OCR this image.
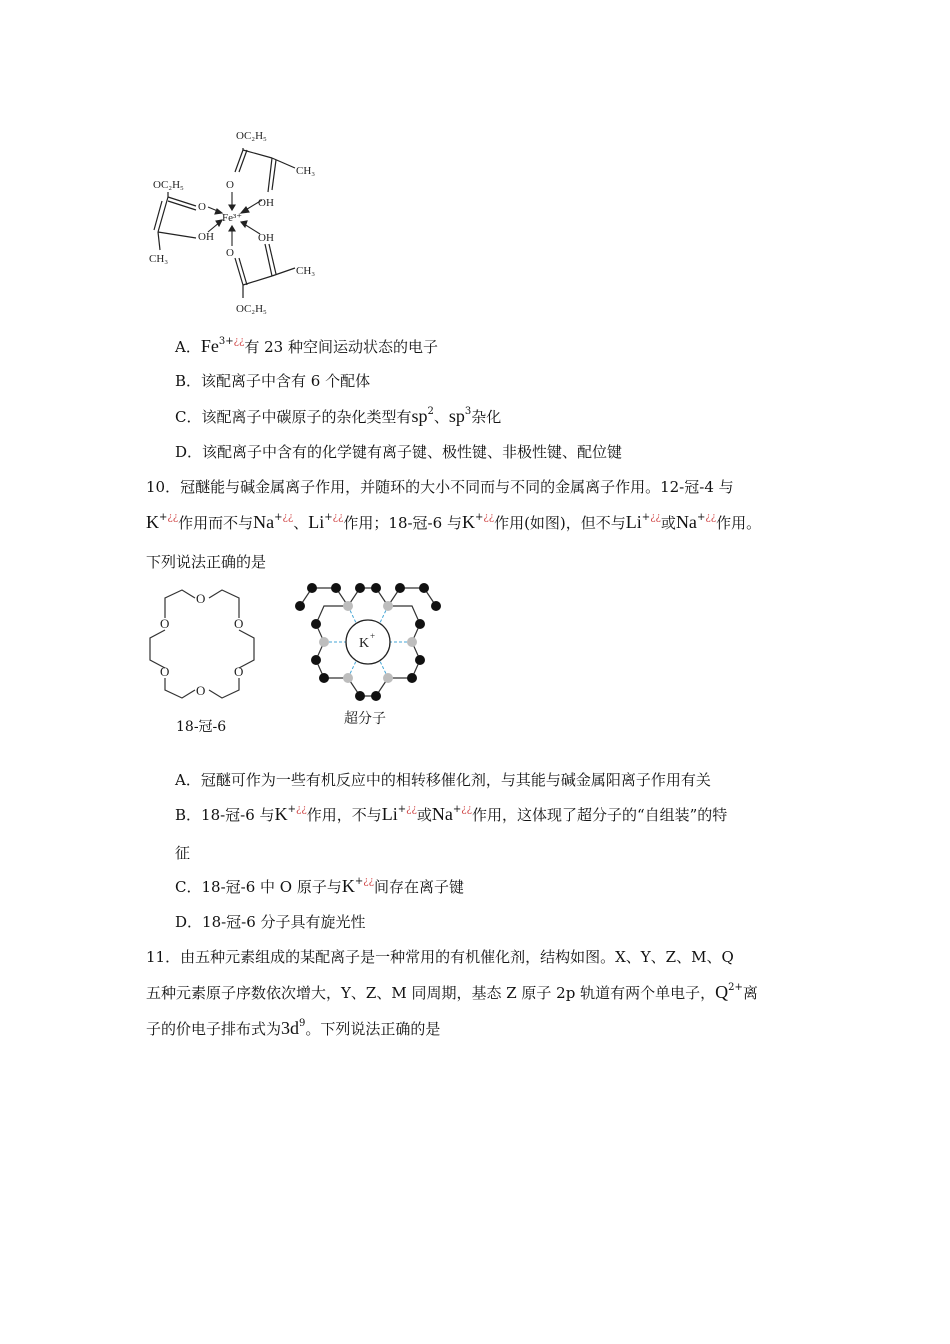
OC₂H₅
CH₃
O
OH
OC₂H₅
O
Fe³⁺
OH
CH₃
OH
O
CH₃
OC₂H₅
A．$Fe^{3+¿¿}$有 23 种空间运动状态的电子
B．该配离子中含有 6 个配体
C．该配离子中碳原子的杂化类型有$sp^2$、$sp^3$杂化
D．该配离子中含有的化学键有离子键、极性键、非极性键、配位键
10．冠醚能与碱金属离子作用，并随环的大小不同而与不同的金属离子作用。12-冠-4 与
K+¿¿作用而不与Na+¿¿、Li+¿¿作用；18-冠-6 与K+¿¿作用(如图)，但不与Li+¿¿或Na+¿¿作用。
下列说法正确的是
O
O
O
O
O
O
K +
18-冠-6	超分子
A．冠醚可作为一些有机反应中的相转移催化剂，与其能与碱金属阳离子作用有关
B．18-冠-6 与K+¿¿作用，不与Li+¿¿或Na+¿¿作用，这体现了超分子的“自组装”的特
征
C．18-冠-6 中 O 原子与K+¿¿间存在离子键
D．18-冠-6 分子具有旋光性
11．由五种元素组成的某配离子是一种常用的有机催化剂，结构如图。X、Y、Z、M、Q
五种元素原子序数依次增大，Y、Z、M 同周期，基态 Z 原子 2p 轨道有两个单电子，$Q^{2+}$离
子的价电子排布式为$3d^9$。下列说法正确的是
